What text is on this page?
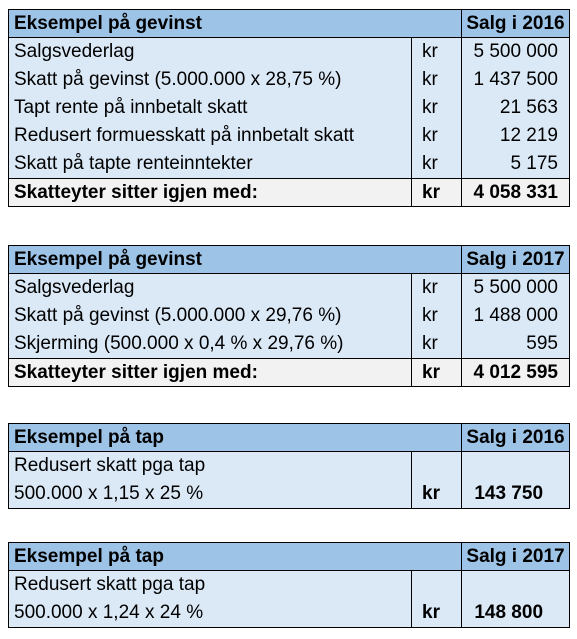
Eksempel på gevinst		Salg i 2016
Salgsvederlag	kr	5 500 000
Skatt på gevinst (5.000.000 x 28,75 %)	kr	1 437 500
Tapt rente på innbetalt skatt	kr	21 563
Redusert formuesskatt på innbetalt skatt	kr	12 219
Skatt på tapte renteinntekter	kr	5 175
Skatteyter sitter igjen med:	kr	4 058 331
Eksempel på gevinst		Salg i 2017
Salgsvederlag	kr	5 500 000
Skatt på gevinst (5.000.000 x 29,76 %)	kr	1 488 000
Skjerming (500.000 x 0,4 % x 29,76 %)	kr	595
Skatteyter sitter igjen med:	kr	4 012 595
Eksempel på tap		Salg i 2016
Redusert skatt pga tap		
500.000 x 1,15 x 25 %	kr	143 750
Eksempel på tap		Salg i 2017
Redusert skatt pga tap		
500.000 x 1,24 x 24 %	kr	148 800
